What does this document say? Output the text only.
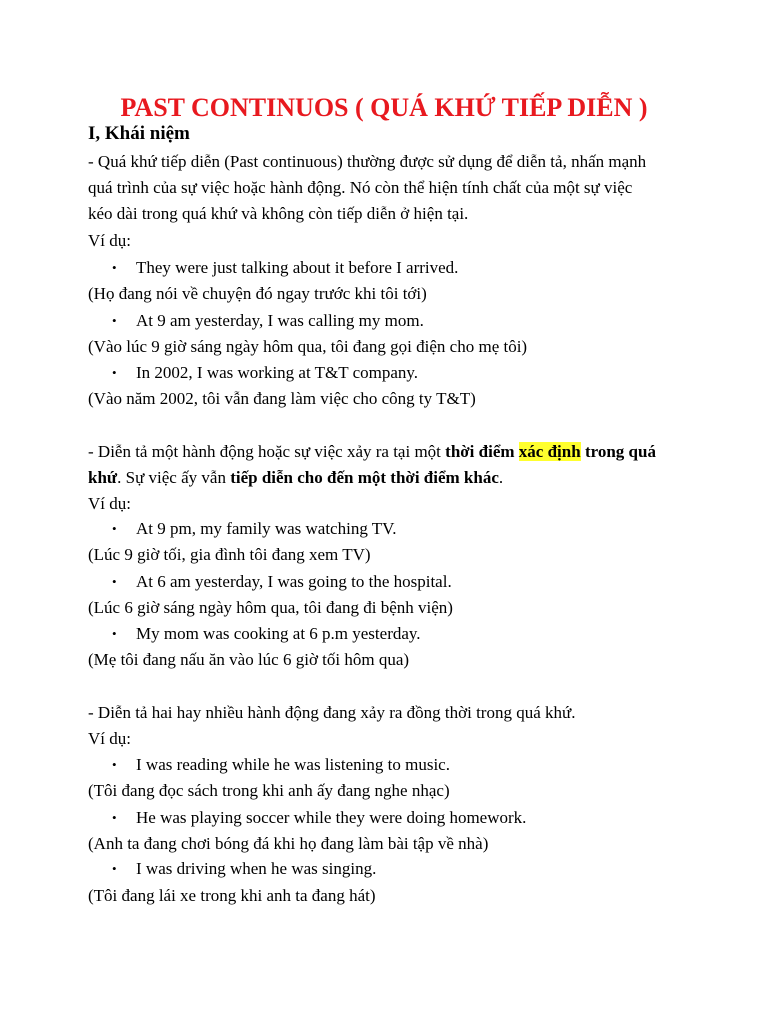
PAST CONTINUOS ( QUÁ KHỨ TIẾP DIỄN )
I, Khái niệm
- Quá khứ tiếp diễn (Past continuous) thường được sử dụng để diễn tả, nhấn mạnh
quá trình của sự việc hoặc hành động. Nó còn thể hiện tính chất của một sự việc
kéo dài trong quá khứ và không còn tiếp diễn ở hiện tại.
Ví dụ:
• They were just talking about it before I arrived.
(Họ đang nói về chuyện đó ngay trước khi tôi tới)
• At 9 am yesterday, I was calling my mom.
(Vào lúc 9 giờ sáng ngày hôm qua, tôi đang gọi điện cho mẹ tôi)
• In 2002, I was working at T&T company.
(Vào năm 2002, tôi vẫn đang làm việc cho công ty T&T)
- Diễn tả một hành động hoặc sự việc xảy ra tại một thời điểm xác định trong quá
khứ. Sự việc ấy vẫn tiếp diễn cho đến một thời điểm khác.
Ví dụ:
• At 9 pm, my family was watching TV.
(Lúc 9 giờ tối, gia đình tôi đang xem TV)
• At 6 am yesterday, I was going to the hospital.
(Lúc 6 giờ sáng ngày hôm qua, tôi đang đi bệnh viện)
• My mom was cooking at 6 p.m yesterday.
(Mẹ tôi đang nấu ăn vào lúc 6 giờ tối hôm qua)
- Diễn tả hai hay nhiều hành động đang xảy ra đồng thời trong quá khứ.
Ví dụ:
• I was reading while he was listening to music.
(Tôi đang đọc sách trong khi anh ấy đang nghe nhạc)
• He was playing soccer while they were doing homework.
(Anh ta đang chơi bóng đá khi họ đang làm bài tập về nhà)
• I was driving when he was singing.
(Tôi đang lái xe trong khi anh ta đang hát)
